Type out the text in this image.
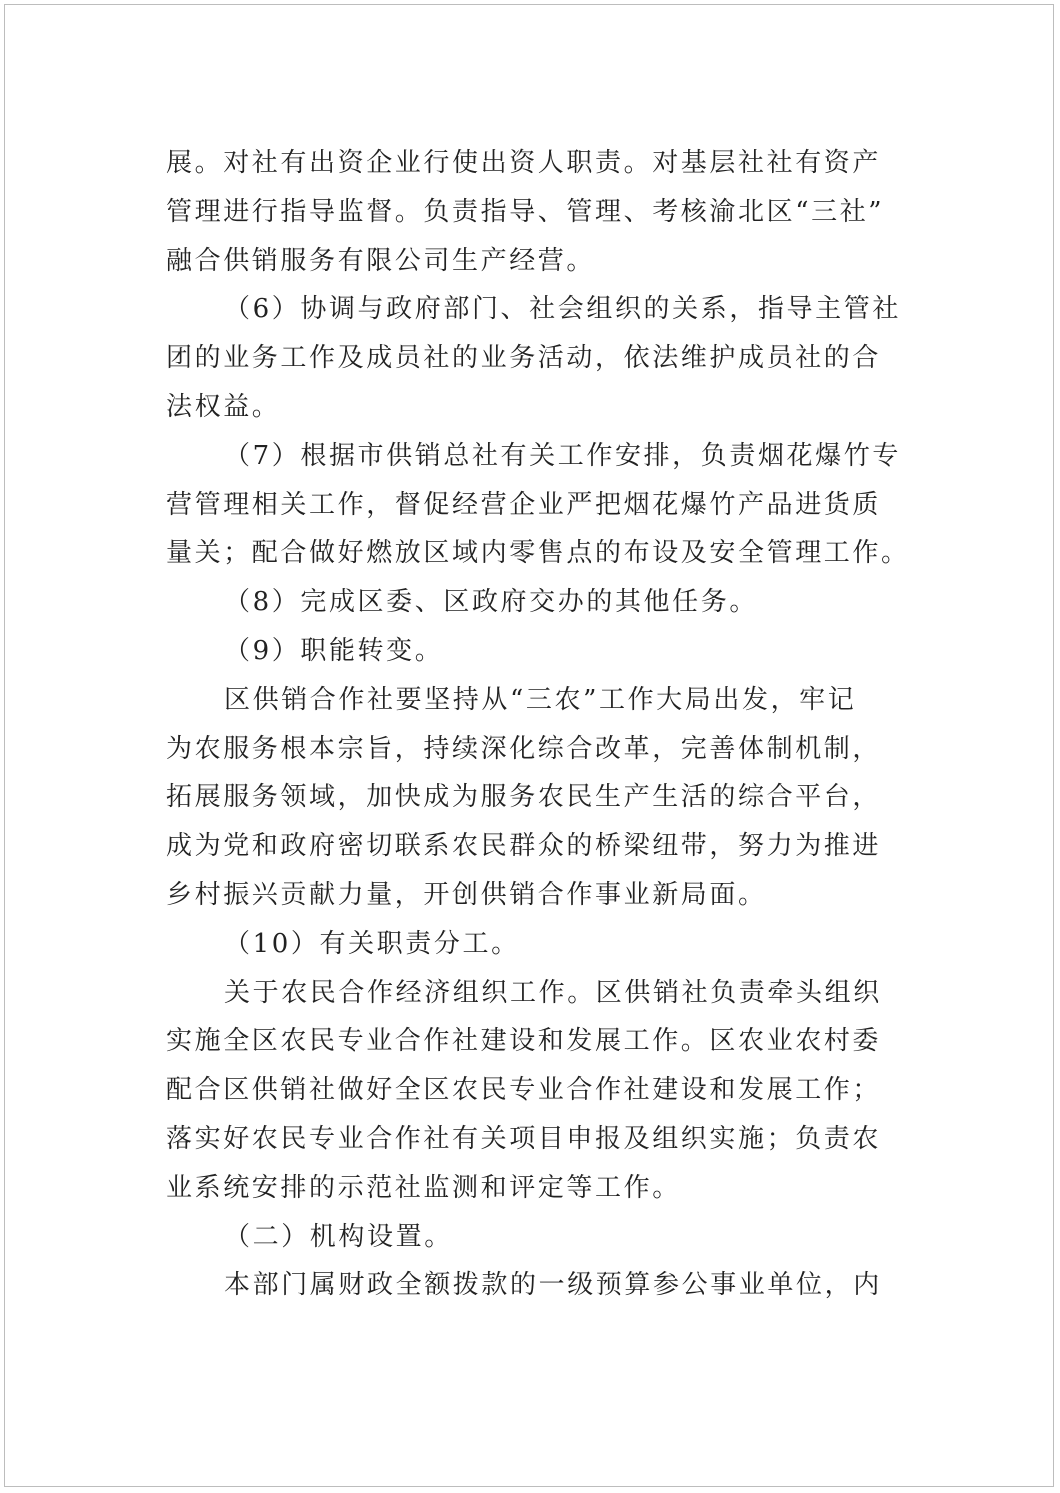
展。对社有出资企业行使出资人职责。对基层社社有资产
管理进行指导监督。负责指导、管理、考核渝北区“三社”
融合供销服务有限公司生产经营。
（6）协调与政府部门、社会组织的关系，指导主管社
团的业务工作及成员社的业务活动，依法维护成员社的合
法权益。
（7）根据市供销总社有关工作安排，负责烟花爆竹专
营管理相关工作，督促经营企业严把烟花爆竹产品进货质
量关；配合做好燃放区域内零售点的布设及安全管理工作。
（8）完成区委、区政府交办的其他任务。
（9）职能转变。
区供销合作社要坚持从“三农”工作大局出发，牢记
为农服务根本宗旨，持续深化综合改革，完善体制机制，
拓展服务领域，加快成为服务农民生产生活的综合平台，
成为党和政府密切联系农民群众的桥梁纽带，努力为推进
乡村振兴贡献力量，开创供销合作事业新局面。
（10）有关职责分工。
关于农民合作经济组织工作。区供销社负责牵头组织
实施全区农民专业合作社建设和发展工作。区农业农村委
配合区供销社做好全区农民专业合作社建设和发展工作；
落实好农民专业合作社有关项目申报及组织实施；负责农
业系统安排的示范社监测和评定等工作。
（二）机构设置。
本部门属财政全额拨款的一级预算参公事业单位，内
